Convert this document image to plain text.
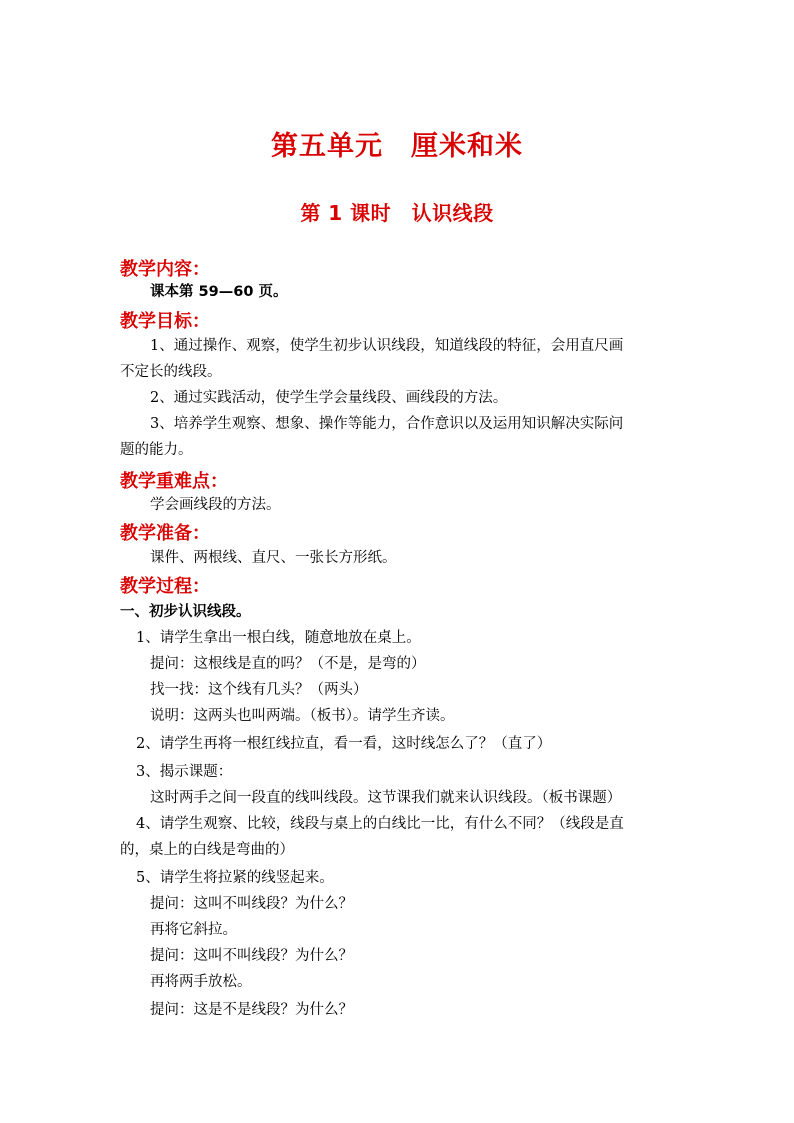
第五单元　厘米和米
第 1 课时　认识线段
教学内容：
课本第 59—60 页。
教学目标：
1、通过操作、观察，使学生初步认识线段，知道线段的特征，会用直尺画
不定长的线段。
2、通过实践活动，使学生学会量线段、画线段的方法。
3、培养学生观察、想象、操作等能力，合作意识以及运用知识解决实际问
题的能力。
教学重难点：
学会画线段的方法。
教学准备：
课件、两根线、直尺、一张长方形纸。
教学过程：
一、初步认识线段。
1、请学生拿出一根白线，随意地放在桌上。
提问：这根线是直的吗？（不是，是弯的）
找一找：这个线有几头？（两头）
说明：这两头也叫两端。（板书）。请学生齐读。
2、请学生再将一根红线拉直，看一看，这时线怎么了？（直了）
3、揭示课题：
这时两手之间一段直的线叫线段。这节课我们就来认识线段。（板书课题）
4、请学生观察、比较，线段与桌上的白线比一比，有什么不同？（线段是直
的，桌上的白线是弯曲的）
5、请学生将拉紧的线竖起来。
提问：这叫不叫线段？为什么？
再将它斜拉。
提问：这叫不叫线段？为什么？
再将两手放松。
提问：这是不是线段？为什么？
